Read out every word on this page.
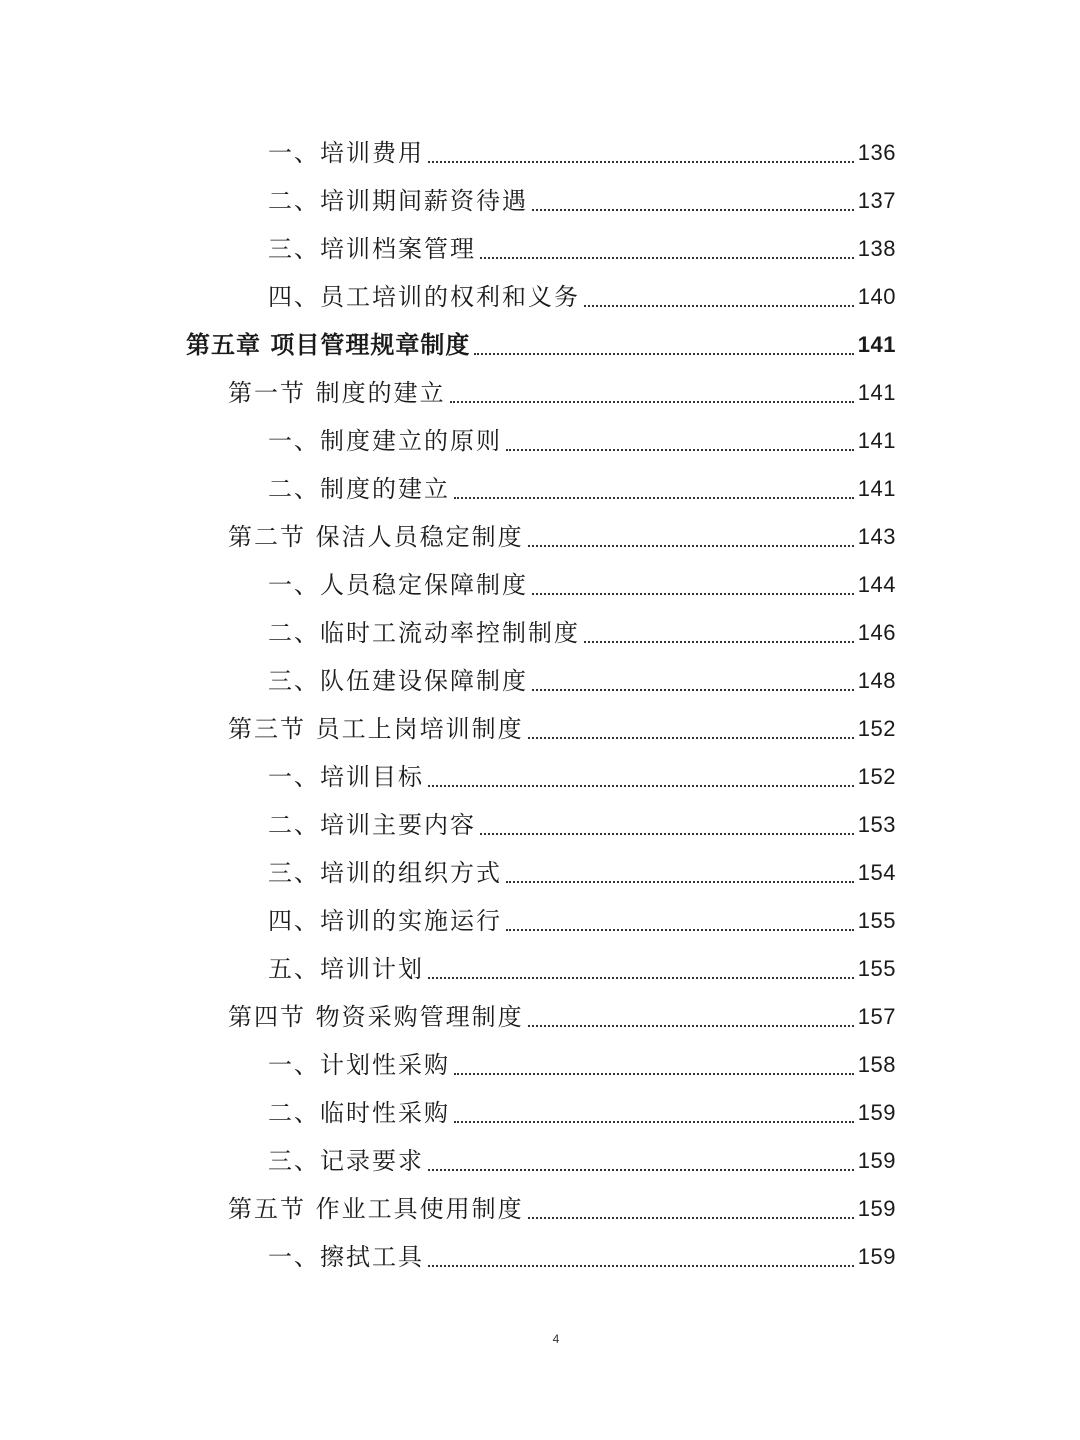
一、培训费用	136
二、培训期间薪资待遇	137
三、培训档案管理	138
四、员工培训的权利和义务	140
第五章 项目管理规章制度	141
第一节 制度的建立	141
一、制度建立的原则	141
二、制度的建立	141
第二节 保洁人员稳定制度	143
一、人员稳定保障制度	144
二、临时工流动率控制制度	146
三、队伍建设保障制度	148
第三节 员工上岗培训制度	152
一、培训目标	152
二、培训主要内容	153
三、培训的组织方式	154
四、培训的实施运行	155
五、培训计划	155
第四节 物资采购管理制度	157
一、计划性采购	158
二、临时性采购	159
三、记录要求	159
第五节 作业工具使用制度	159
一、擦拭工具	159
4
